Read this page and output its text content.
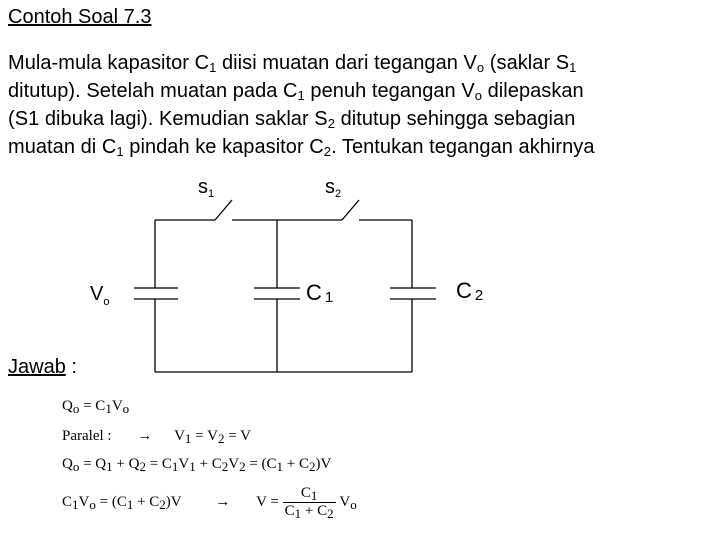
Contoh Soal 7.3
Mula-mula kapasitor $C_1$ diisi muatan dari tegangan $V_o$ (saklar $S_1$
ditutup). Setelah muatan pada $C_1$ penuh tegangan $V_o$ dilepaskan
(S1 dibuka lagi). Kemudian saklar $S_2$ ditutup sehingga sebagian
muatan di $C_1$ pindah ke kapasitor $C_2$. Tentukan tegangan akhirnya
$s_1$	$s_2$
$V_o$	C 1	C 2
Jawab :
$Q_o = C_1V_o$
Paralel : → $V_1 = V_2 = V$
$Q_o = Q_1 + Q_2 = C_1V_1 + C_2V_2 = (C_1 + C_2)V$
$C_1V_o = (C_1 + C_2)V \to V = \frac{C_1}{C_1 + C_2} V_o$
